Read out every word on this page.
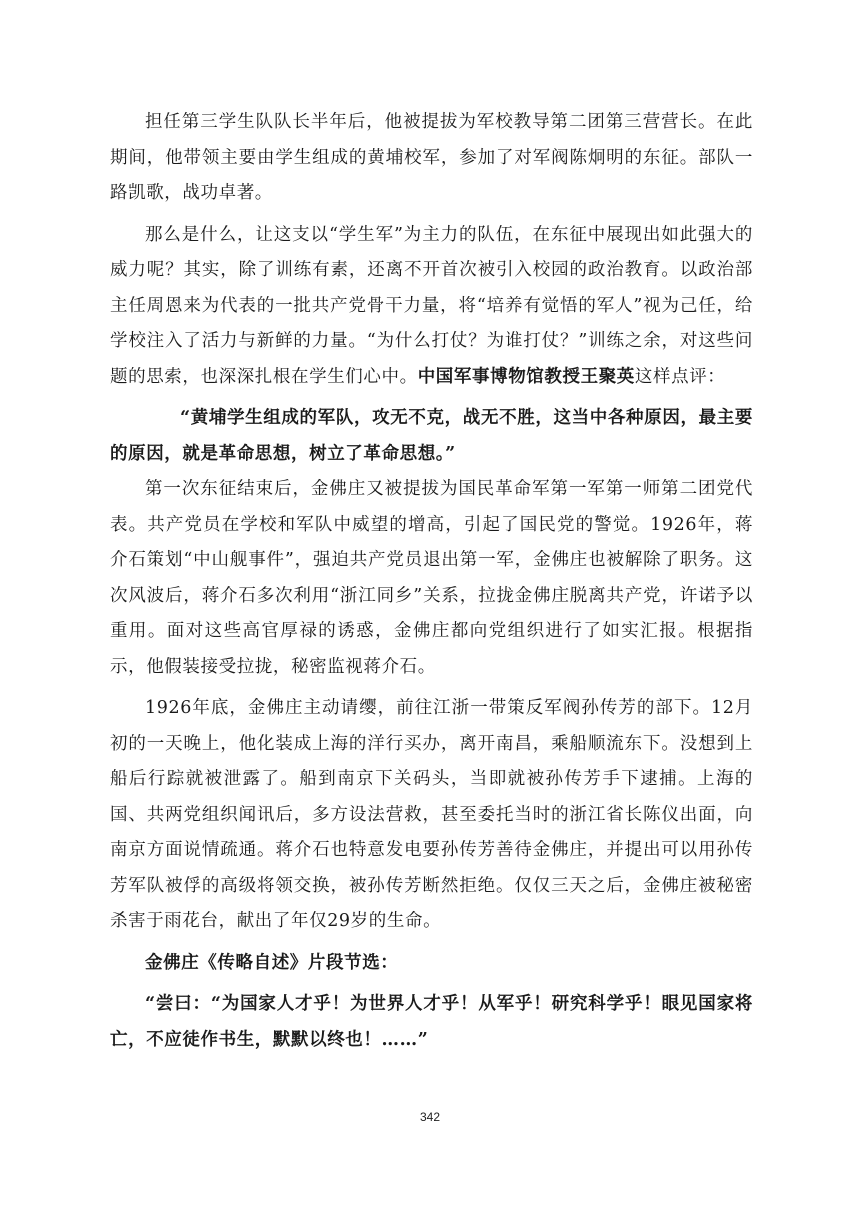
担任第三学生队队长半年后，他被提拔为军校教导第二团第三营营长。在此期间，他带领主要由学生组成的黄埔校军，参加了对军阀陈炯明的东征。部队一路凯歌，战功卓著。

那么是什么，让这支以“学生军”为主力的队伍，在东征中展现出如此强大的威力呢？其实，除了训练有素，还离不开首次被引入校园的政治教育。以政治部主任周恩来为代表的一批共产党骨干力量，将“培养有觉悟的军人”视为己任，给学校注入了活力与新鲜的力量。“为什么打仗？为谁打仗？”训练之余，对这些问题的思索，也深深扎根在学生们心中。中国军事博物馆教授王聚英这样点评：

“黄埔学生组成的军队，攻无不克，战无不胜，这当中各种原因，最主要的原因，就是革命思想，树立了革命思想。”

第一次东征结束后，金佛庄又被提拔为国民革命军第一军第一师第二团党代表。共产党员在学校和军队中威望的增高，引起了国民党的警觉。1926年，蒋介石策划“中山舰事件”，强迫共产党员退出第一军，金佛庄也被解除了职务。这次风波后，蒋介石多次利用“浙江同乡”关系，拉拢金佛庄脱离共产党，许诺予以重用。面对这些高官厚禄的诱惑，金佛庄都向党组织进行了如实汇报。根据指示，他假装接受拉拢，秘密监视蒋介石。

1926年底，金佛庄主动请缨，前往江浙一带策反军阀孙传芳的部下。12月初的一天晚上，他化装成上海的洋行买办，离开南昌，乘船顺流东下。没想到上船后行踪就被泄露了。船到南京下关码头，当即就被孙传芳手下逮捕。上海的国、共两党组织闻讯后，多方设法营救，甚至委托当时的浙江省长陈仪出面，向南京方面说情疏通。蒋介石也特意发电要孙传芳善待金佛庄，并提出可以用孙传芳军队被俘的高级将领交换，被孙传芳断然拒绝。仅仅三天之后，金佛庄被秘密杀害于雨花台，献出了年仅29岁的生命。

金佛庄《传略自述》片段节选：

“尝曰：“为国家人才乎！为世界人才乎！从军乎！研究科学乎！眼见国家将亡，不应徒作书生，默默以终也！……”

342
